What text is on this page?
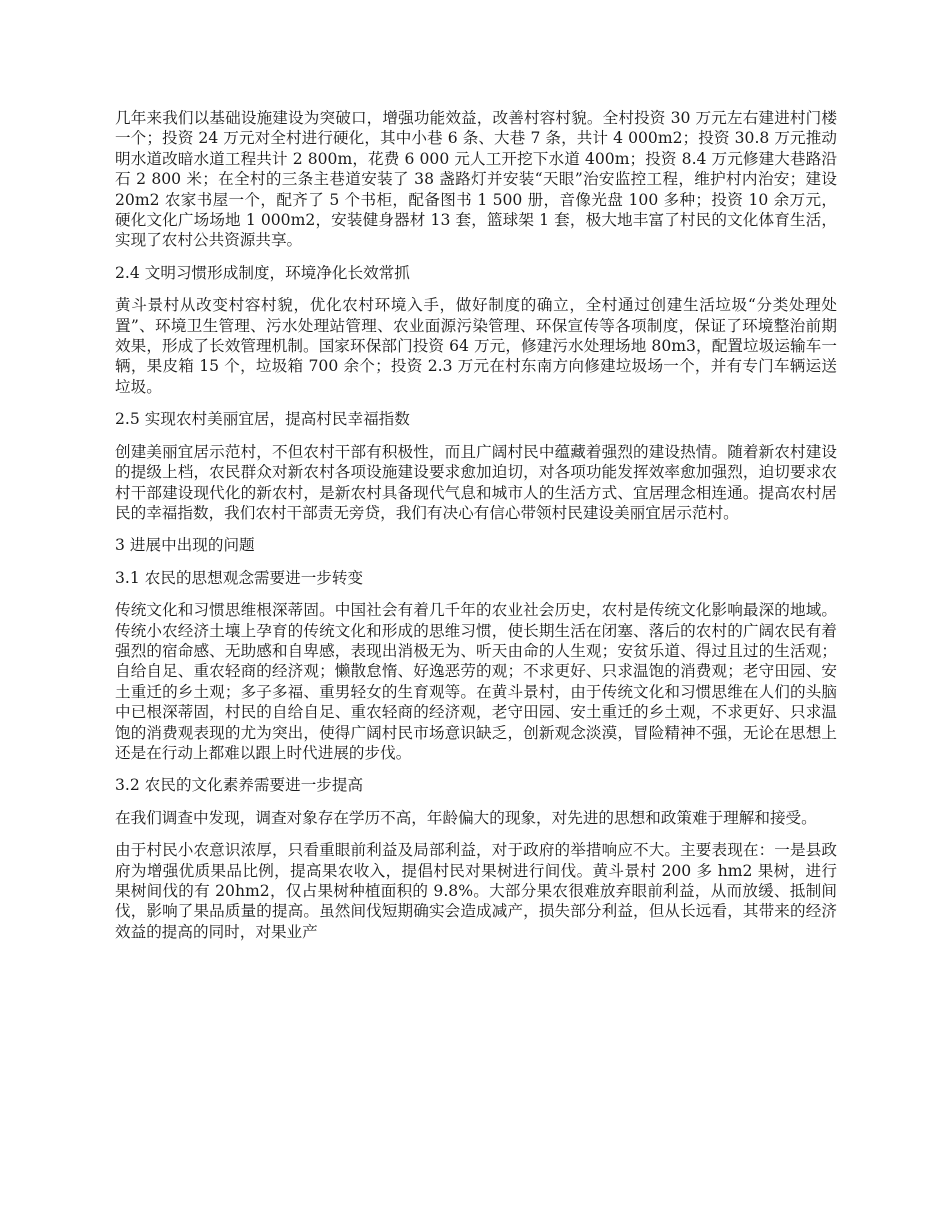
几年来我们以基础设施建设为突破口，增强功能效益，改善村容村貌。全村投资 30 万元左右建进村门楼一个；投资 24 万元对全村进行硬化，其中小巷 6 条、大巷 7 条，共计 4 000m2；投资 30.8 万元推动明水道改暗水道工程共计 2 800m，花费 6 000 元人工开挖下水道 400m；投资 8.4 万元修建大巷路沿石 2 800 米；在全村的三条主巷道安装了 38 盏路灯并安装“天眼”治安监控工程，维护村内治安；建设 20m2 农家书屋一个，配齐了 5 个书柜，配备图书 1 500 册，音像光盘 100 多种；投资 10 余万元，硬化文化广场场地 1 000m2，安装健身器材 13 套，篮球架 1 套，极大地丰富了村民的文化体育生活，实现了农村公共资源共享。

2.4 文明习惯形成制度，环境净化长效常抓

黄斗景村从改变村容村貌，优化农村环境入手，做好制度的确立，全村通过创建生活垃圾“分类处理处置”、环境卫生管理、污水处理站管理、农业面源污染管理、环保宣传等各项制度，保证了环境整治前期效果，形成了长效管理机制。国家环保部门投资 64 万元，修建污水处理场地 80m3，配置垃圾运输车一辆，果皮箱 15 个，垃圾箱 700 余个；投资 2.3 万元在村东南方向修建垃圾场一个，并有专门车辆运送垃圾。

2.5 实现农村美丽宜居，提高村民幸福指数

创建美丽宜居示范村，不但农村干部有积极性，而且广阔村民中蕴藏着强烈的建设热情。随着新农村建设的提级上档，农民群众对新农村各项设施建设要求愈加迫切，对各项功能发挥效率愈加强烈，迫切要求农村干部建设现代化的新农村，是新农村具备现代气息和城市人的生活方式、宜居理念相连通。提高农村居民的幸福指数，我们农村干部责无旁贷，我们有决心有信心带领村民建设美丽宜居示范村。

3 进展中出现的问题

3.1 农民的思想观念需要进一步转变

传统文化和习惯思维根深蒂固。中国社会有着几千年的农业社会历史，农村是传统文化影响最深的地域。传统小农经济土壤上孕育的传统文化和形成的思维习惯，使长期生活在闭塞、落后的农村的广阔农民有着强烈的宿命感、无助感和自卑感，表现出消极无为、听天由命的人生观；安贫乐道、得过且过的生活观；自给自足、重农轻商的经济观；懒散怠惰、好逸恶劳的观；不求更好、只求温饱的消费观；老守田园、安土重迁的乡土观；多子多福、重男轻女的生育观等。在黄斗景村，由于传统文化和习惯思维在人们的头脑中已根深蒂固，村民的自给自足、重农轻商的经济观，老守田园、安土重迁的乡土观，不求更好、只求温饱的消费观表现的尤为突出，使得广阔村民市场意识缺乏，创新观念淡漠，冒险精神不强，无论在思想上还是在行动上都难以跟上时代进展的步伐。

3.2 农民的文化素养需要进一步提高

在我们调查中发现，调查对象存在学历不高，年龄偏大的现象，对先进的思想和政策难于理解和接受。

由于村民小农意识浓厚，只看重眼前利益及局部利益，对于政府的举措响应不大。主要表现在：一是县政府为增强优质果品比例，提高果农收入，提倡村民对果树进行间伐。黄斗景村 200 多 hm2 果树，进行果树间伐的有 20hm2，仅占果树种植面积的 9.8%。大部分果农很难放弃眼前利益，从而放缓、抵制间伐，影响了果品质量的提高。虽然间伐短期确实会造成减产，损失部分利益，但从长远看，其带来的经济效益的提高的同时，对果业产
